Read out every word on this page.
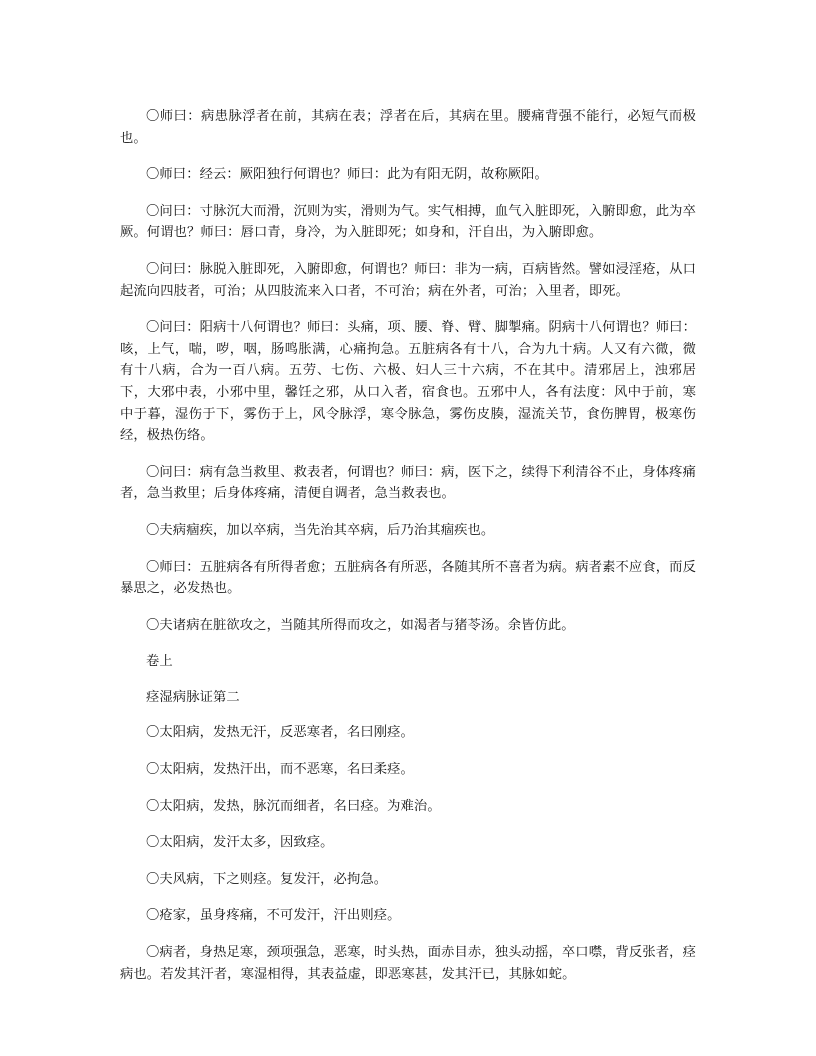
〇师曰：病患脉浮者在前，其病在表；浮者在后，其病在里。腰痛背强不能行，必短气而极也。

〇师曰：经云：厥阳独行何谓也？师曰：此为有阳无阴，故称厥阳。

〇问曰：寸脉沉大而滑，沉则为实，滑则为气。实气相搏，血气入脏即死，入腑即愈，此为卒厥。何谓也？师曰：唇口青，身冷，为入脏即死；如身和，汗自出，为入腑即愈。

〇问曰：脉脱入脏即死，入腑即愈，何谓也？师曰：非为一病，百病皆然。譬如浸淫疮，从口起流向四肢者，可治；从四肢流来入口者，不可治；病在外者，可治；入里者，即死。

〇问曰：阳病十八何谓也？师曰：头痛，项、腰、脊、臂、脚掣痛。阴病十八何谓也？师曰：咳，上气，喘，哕，咽，肠鸣胀满，心痛拘急。五脏病各有十八，合为九十病。人又有六微，微有十八病，合为一百八病。五劳、七伤、六极、妇人三十六病，不在其中。清邪居上，浊邪居下，大邪中表，小邪中里，馨饪之邪，从口入者，宿食也。五邪中人，各有法度：风中于前，寒中于暮，湿伤于下，雾伤于上，风令脉浮，寒令脉急，雾伤皮腠，湿流关节，食伤脾胃，极寒伤经，极热伤络。

〇问曰：病有急当救里、救表者，何谓也？师曰：病，医下之，续得下利清谷不止，身体疼痛者，急当救里；后身体疼痛，清便自调者，急当救表也。

〇夫病痼疾，加以卒病，当先治其卒病，后乃治其痼疾也。

〇师曰：五脏病各有所得者愈；五脏病各有所恶，各随其所不喜者为病。病者素不应食，而反暴思之，必发热也。

〇夫诸病在脏欲攻之，当随其所得而攻之，如渴者与猪苓汤。余皆仿此。

卷上

痉湿病脉证第二

〇太阳病，发热无汗，反恶寒者，名曰刚痉。

〇太阳病，发热汗出，而不恶寒，名曰柔痉。

〇太阳病，发热，脉沉而细者，名曰痉。为难治。

〇太阳病，发汗太多，因致痉。

〇夫风病，下之则痉。复发汗，必拘急。

〇疮家，虽身疼痛，不可发汗，汗出则痉。

〇病者，身热足寒，颈项强急，恶寒，时头热，面赤目赤，独头动摇，卒口噤，背反张者，痉病也。若发其汗者，寒湿相得，其表益虚，即恶寒甚，发其汗已，其脉如蛇。
